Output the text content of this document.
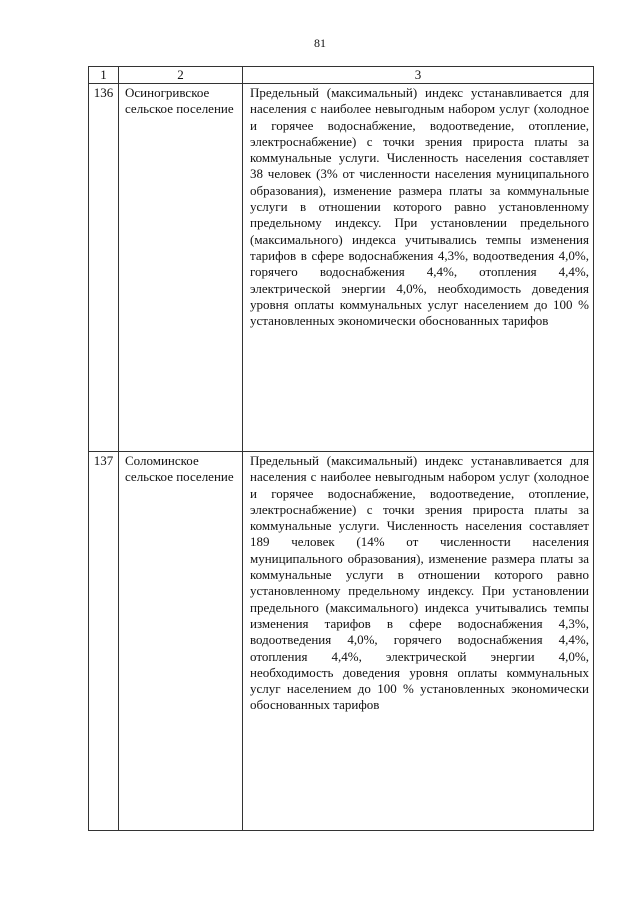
81
1	2	3
136	Осиногривское сельское поселение	Предельный (максимальный) индекс устанавливается для населения с наиболее невыгодным набором услуг (холодное и горячее водоснабжение, водоотведение, отопление, электроснабжение) с точки зрения прироста платы за коммунальные услуги. Численность населения составляет 38 человек (3% от численности населения муниципального образования), изменение размера платы за коммунальные услуги в отношении которого равно установленному предельному индексу. При установлении предельного (максимального) индекса учитывались темпы изменения тарифов в сфере водоснабжения 4,3%, водоотведения 4,0%, горячего водоснабжения 4,4%, отопления 4,4%, электрической энергии 4,0%, необходимость доведения уровня оплаты коммунальных услуг населением до 100 % установленных экономически обоснованных тарифов
137	Соломинское сельское поселение	Предельный (максимальный) индекс устанавливается для населения с наиболее невыгодным набором услуг (холодное и горячее водоснабжение, водоотведение, отопление, электроснабжение) с точки зрения прироста платы за коммунальные услуги. Численность населения составляет 189 человек (14% от численности населения муниципального образования), изменение размера платы за коммунальные услуги в отношении которого равно установленному предельному индексу. При установлении предельного (максимального) индекса учитывались темпы изменения тарифов в сфере водоснабжения 4,3%, водоотведения 4,0%, горячего водоснабжения 4,4%, отопления 4,4%, электрической энергии 4,0%, необходимость доведения уровня оплаты коммунальных услуг населением до 100 % установленных экономически обоснованных тарифов
